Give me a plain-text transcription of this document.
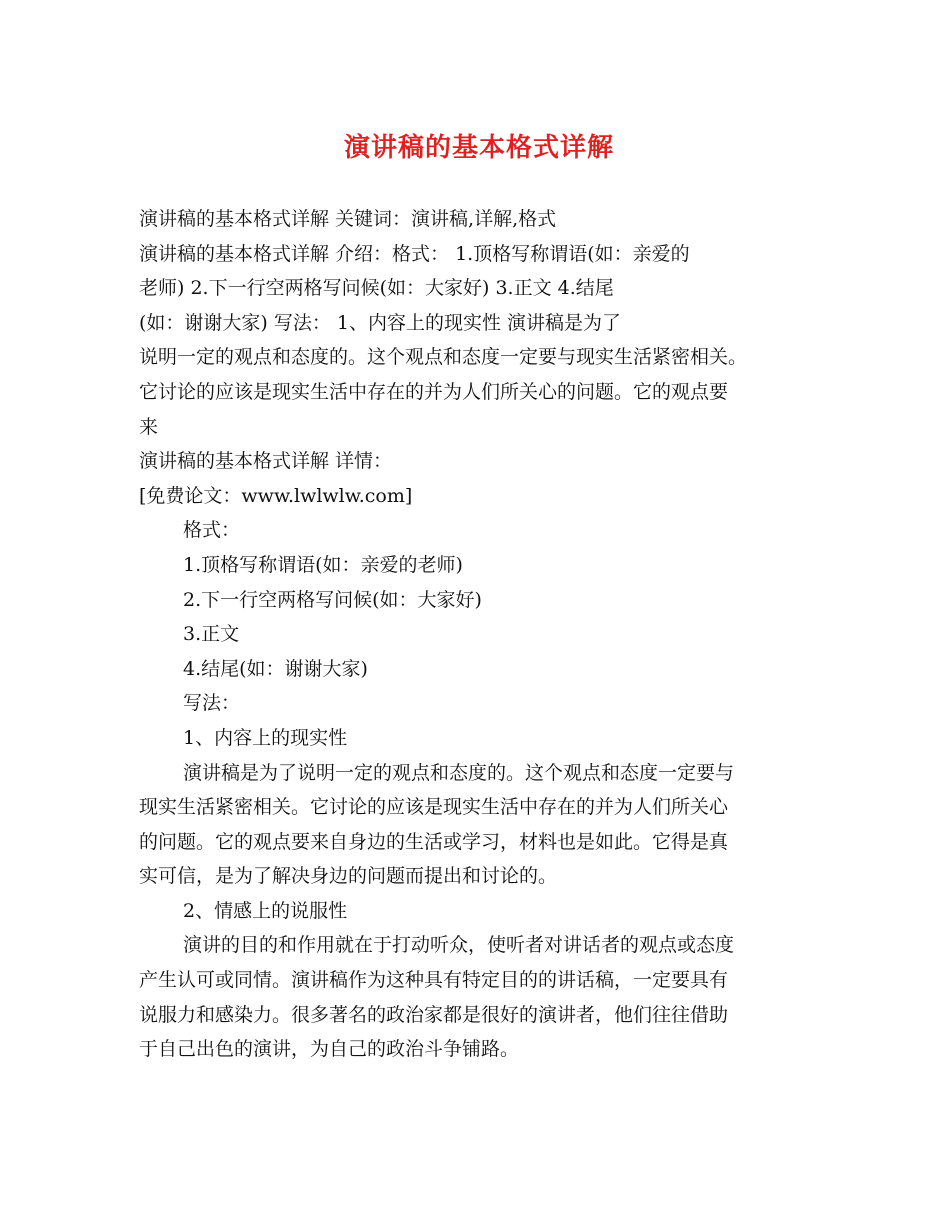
演讲稿的基本格式详解

演讲稿的基本格式详解 关键词：演讲稿,详解,格式

演讲稿的基本格式详解 介绍：格式： 1.顶格写称谓语(如：亲爱的

老师) 2.下一行空两格写问候(如：大家好) 3.正文 4.结尾

(如：谢谢大家) 写法： 1、内容上的现实性 演讲稿是为了

说明一定的观点和态度的。这个观点和态度一定要与现实生活紧密相关。

它讨论的应该是现实生活中存在的并为人们所关心的问题。它的观点要

来

演讲稿的基本格式详解 详情：

[免费论文：www.lwlwlw.com]

格式：

1.顶格写称谓语(如：亲爱的老师)

2.下一行空两格写问候(如：大家好)

3.正文

4.结尾(如：谢谢大家)

写法：

1、内容上的现实性

演讲稿是为了说明一定的观点和态度的。这个观点和态度一定要与

现实生活紧密相关。它讨论的应该是现实生活中存在的并为人们所关心

的问题。它的观点要来自身边的生活或学习，材料也是如此。它得是真

实可信，是为了解决身边的问题而提出和讨论的。

2、情感上的说服性

演讲的目的和作用就在于打动听众，使听者对讲话者的观点或态度

产生认可或同情。演讲稿作为这种具有特定目的的讲话稿，一定要具有

说服力和感染力。很多著名的政治家都是很好的演讲者，他们往往借助

于自己出色的演讲，为自己的政治斗争铺路。
